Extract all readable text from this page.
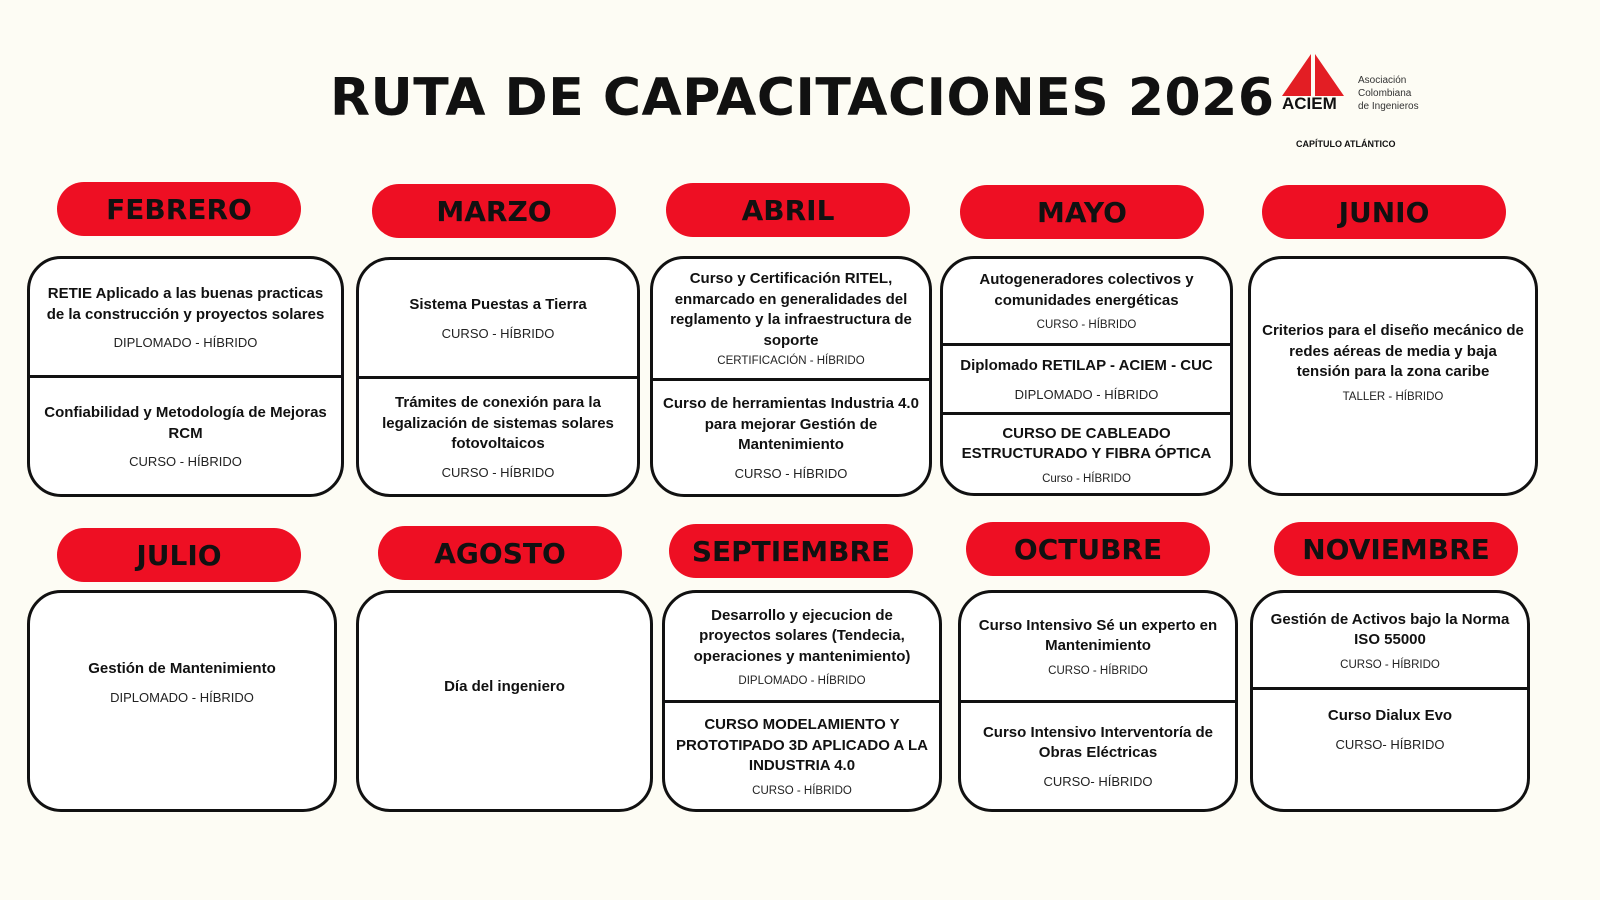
RUTA DE CAPACITACIONES 2026 ACIEM
Asociación
Colombiana
de Ingenieros
CAPÍTULO ATLÁNTICO
FEBRERO
RETIE Aplicado a las buenas practicas de la construcción y proyectos solares
DIPLOMADO - HÍBRIDO
Confiabilidad y Metodología de Mejoras RCM
CURSO - HÍBRIDO
MARZO
Sistema Puestas a Tierra
CURSO - HÍBRIDO
Trámites de conexión para la legalización de sistemas solares fotovoltaicos
CURSO - HÍBRIDO
ABRIL
Curso y Certificación RITEL, enmarcado en generalidades del reglamento y la infraestructura de soporte
CERTIFICACIÓN - HÍBRIDO
Curso de herramientas Industria 4.0 para mejorar Gestión de Mantenimiento
CURSO - HÍBRIDO
MAYO
Autogeneradores colectivos y comunidades energéticas
CURSO - HÍBRIDO
Diplomado RETILAP - ACIEM - CUC
DIPLOMADO - HÍBRIDO
CURSO DE CABLEADO ESTRUCTURADO Y FIBRA ÓPTICA
Curso - HÍBRIDO
JUNIO
Criterios para el diseño mecánico de redes aéreas de media y baja tensión para la zona caribe
TALLER - HÍBRIDO
JULIO
Gestión de Mantenimiento
DIPLOMADO - HÍBRIDO
AGOSTO
Día del ingeniero
SEPTIEMBRE
Desarrollo y ejecucion de proyectos solares (Tendecia, operaciones y mantenimiento)
DIPLOMADO - HÍBRIDO
CURSO MODELAMIENTO Y PROTOTIPADO 3D APLICADO A LA INDUSTRIA 4.0
CURSO - HÍBRIDO
OCTUBRE
Curso Intensivo Sé un experto en Mantenimiento
CURSO - HÍBRIDO
Curso Intensivo Interventoría de Obras Eléctricas
CURSO- HÍBRIDO
NOVIEMBRE
Gestión de Activos bajo la Norma ISO 55000
CURSO - HÍBRIDO
Curso Dialux Evo
CURSO- HÍBRIDO
